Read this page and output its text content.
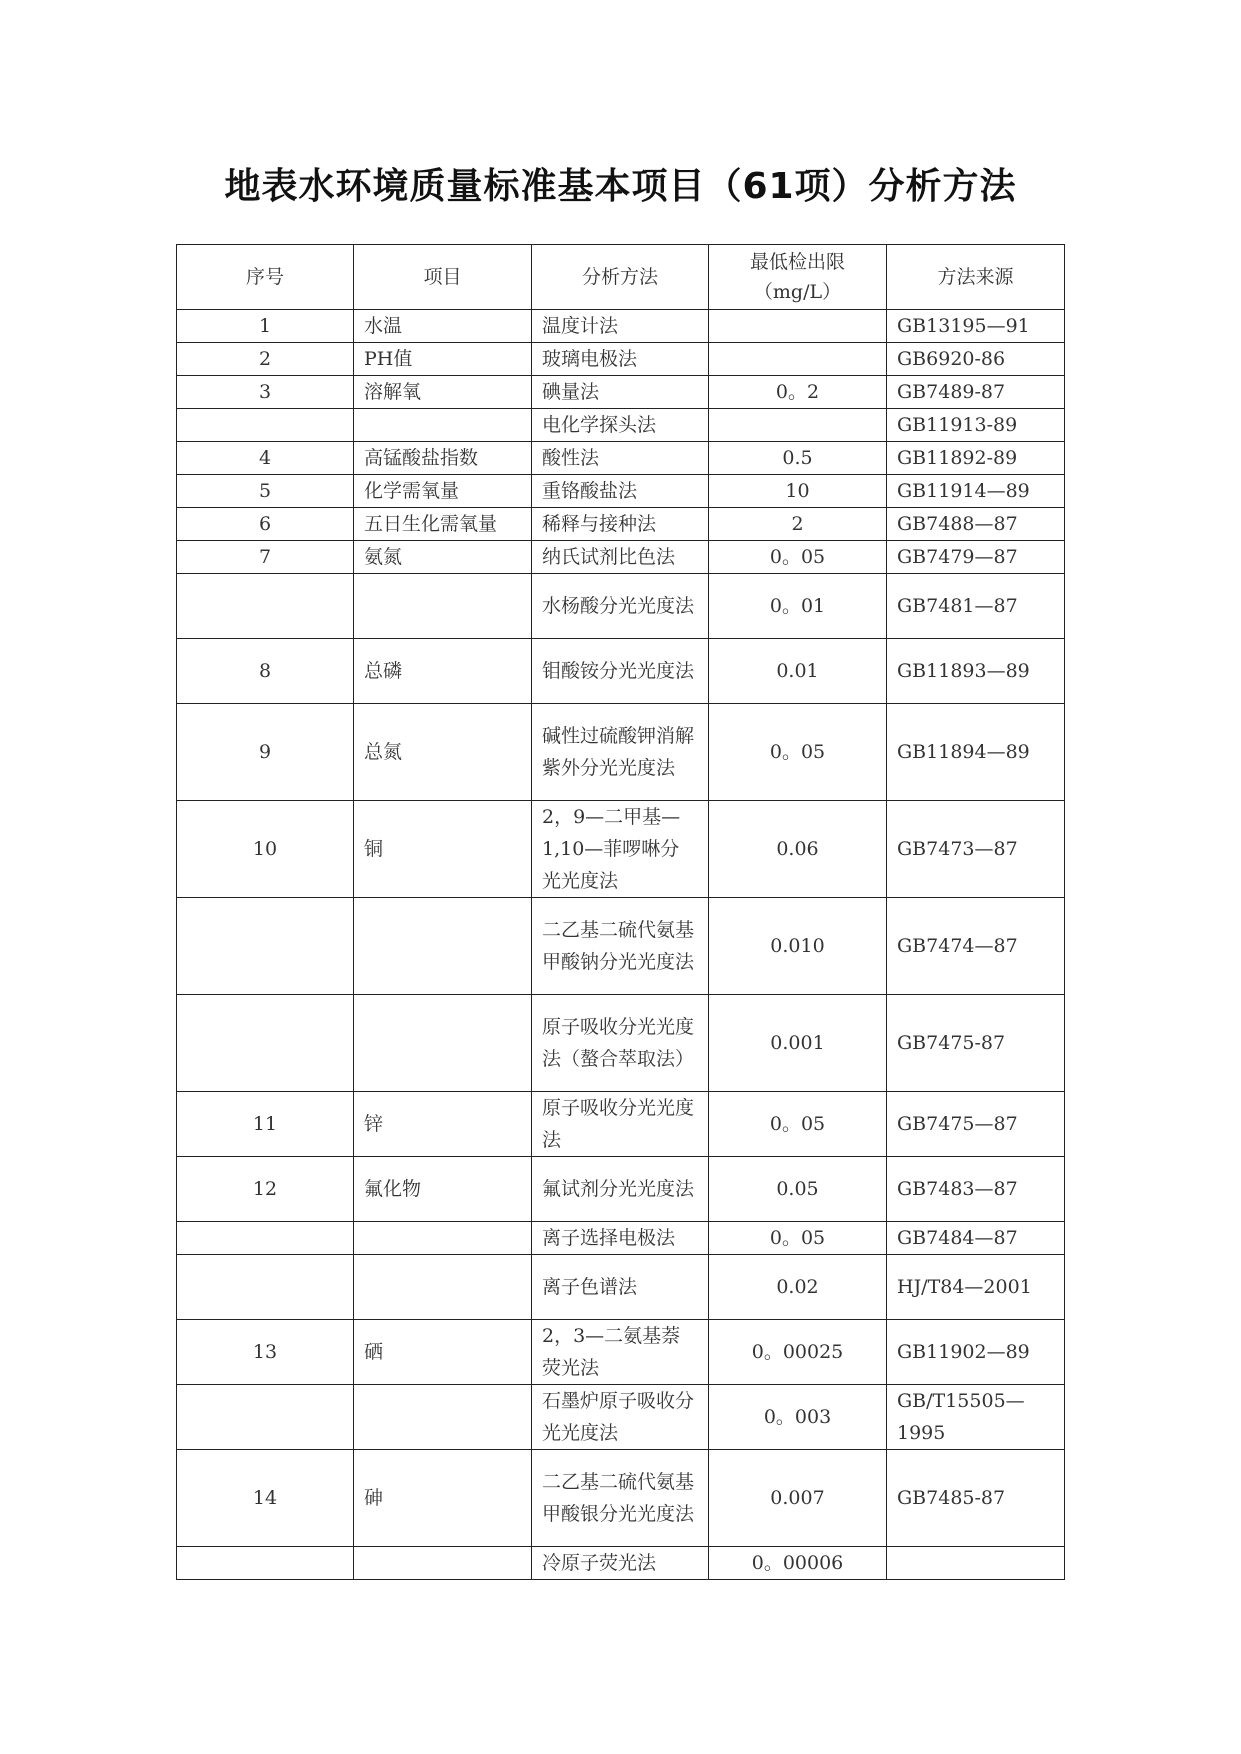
地表水环境质量标准基本项目（61项）分析方法
序号	项目	分析方法	最低检出限（mg/L）	方法来源
1	水温	温度计法		GB13195—91
2	PH值	玻璃电极法		GB6920-86
3	溶解氧	碘量法	0。2	GB7489-87
		电化学探头法		GB11913-89
4	高锰酸盐指数	酸性法	0.5	GB11892-89
5	化学需氧量	重铬酸盐法	10	GB11914—89
6	五日生化需氧量	稀释与接种法	2	GB7488—87
7	氨氮	纳氏试剂比色法	0。05	GB7479—87
		水杨酸分光光度法	0。01	GB7481—87
8	总磷	钼酸铵分光光度法	0.01	GB11893—89
9	总氮	碱性过硫酸钾消解紫外分光光度法	0。05	GB11894—89
10	铜	2，9—二甲基—1,10—菲啰啉分光光度法	0.06	GB7473—87
		二乙基二硫代氨基甲酸钠分光光度法	0.010	GB7474—87
		原子吸收分光光度法（螯合萃取法）	0.001	GB7475-87
11	锌	原子吸收分光光度法	0。05	GB7475—87
12	氟化物	氟试剂分光光度法	0.05	GB7483—87
		离子选择电极法	0。05	GB7484—87
		离子色谱法	0.02	HJ/T84—2001
13	硒	2，3—二氨基萘荧光法	0。00025	GB11902—89
		石墨炉原子吸收分光光度法	0。003	GB/T15505—1995
14	砷	二乙基二硫代氨基甲酸银分光光度法	0.007	GB7485-87
		冷原子荧光法	0。00006	
